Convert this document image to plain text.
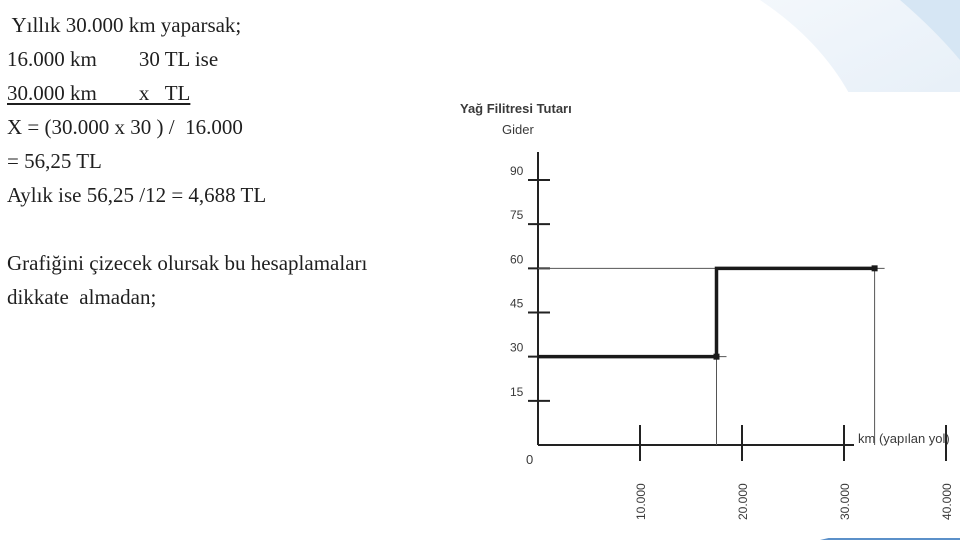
Yıllık 30.000 km yaparsak;
16.000 km        30 TL ise
30.000 km        x   TL
X = (30.000 x 30 ) /  16.000
= 56,25 TL
Aylık ise 56,25 /12 = 4,688 TL
Grafiğini çizecek olursak bu hesaplamaları
dikkate  almadan;
Yağ Filitresi Tutarı
Gider
km (yapılan yol)
0
15
30
45
60
75
90
10.000	20.000	30.000	40.000
